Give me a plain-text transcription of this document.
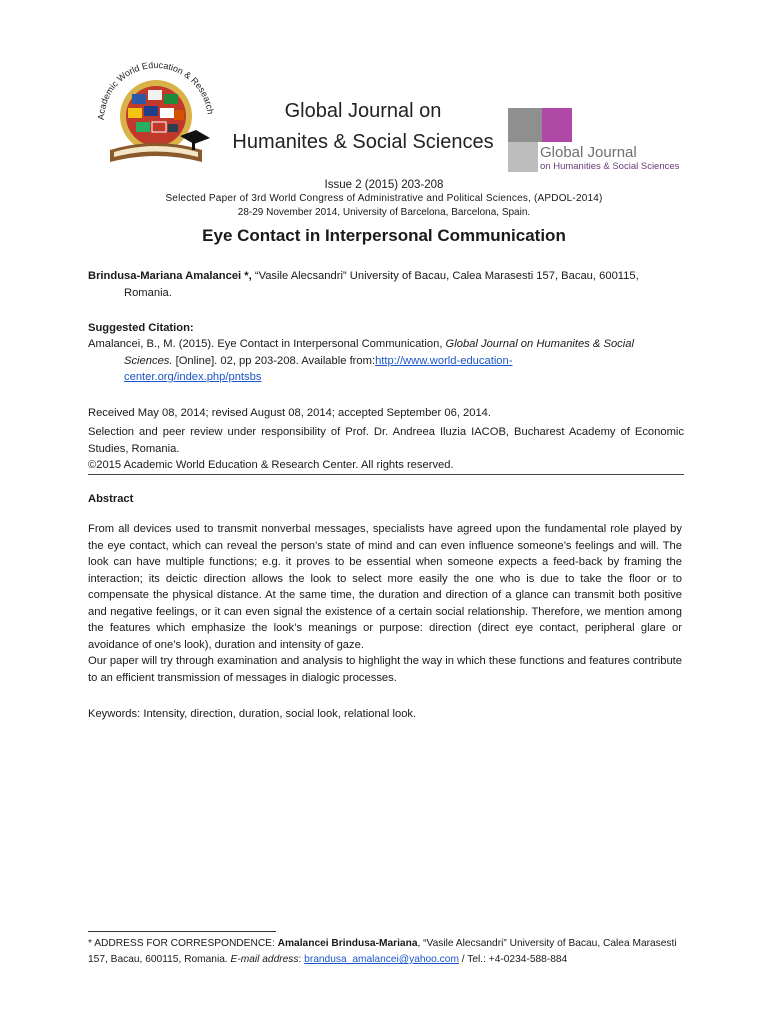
Academic World Education & Research	Global Journal on
Humanites & Social Sciences	Global Journal
on Humanities & Social Sciences
Issue 2 (2015) 203-208
Selected Paper of 3rd World Congress of Administrative and Political Sciences, (APDOL-2014)
28-29 November 2014, University of Barcelona, Barcelona, Spain.
Eye Contact in Interpersonal Communication
Brindusa-Mariana Amalancei *, “Vasile Alecsandri” University of Bacau, Calea Marasesti 157, Bacau, 600115,
Romania.
Suggested Citation:
Amalancei, B., M. (2015). Eye Contact in Interpersonal Communication, Global Journal on Humanites & Social
Sciences. [Online]. 02, pp 203-208. Available from:http://www.world-education-
center.org/index.php/pntsbs
Received May 08, 2014; revised August 08, 2014; accepted September 06, 2014.
Selection and peer review under responsibility of Prof. Dr. Andreea Iluzia IACOB, Bucharest Academy of Economic Studies, Romania.
©2015 Academic World Education & Research Center. All rights reserved.
Abstract
From all devices used to transmit nonverbal messages, specialists have agreed upon the fundamental role played by the eye contact, which can reveal the person’s state of mind and can even influence someone’s feelings and will. The look can have multiple functions; e.g. it proves to be essential when someone expects a feed-back by framing the interaction; its deictic direction allows the look to select more easily the one who is due to take the floor or to compensate the physical distance. At the same time, the duration and direction of a glance can transmit both positive and negative feelings, or it can even signal the existence of a certain social relationship. Therefore, we mention among the features which emphasize the look’s meanings or purpose: direction (direct eye contact, peripheral glare or avoidance of one’s look), duration and intensity of gaze.
Our paper will try through examination and analysis to highlight the way in which these functions and features contribute to an efficient transmission of messages in dialogic processes.
Keywords: Intensity, direction, duration, social look, relational look.
* ADDRESS FOR CORRESPONDENCE: Amalancei Brindusa-Mariana, “Vasile Alecsandri” University of Bacau, Calea Marasesti 157, Bacau, 600115, Romania. E-mail address: brandusa_amalancei@yahoo.com / Tel.: +4-0234-588-884
